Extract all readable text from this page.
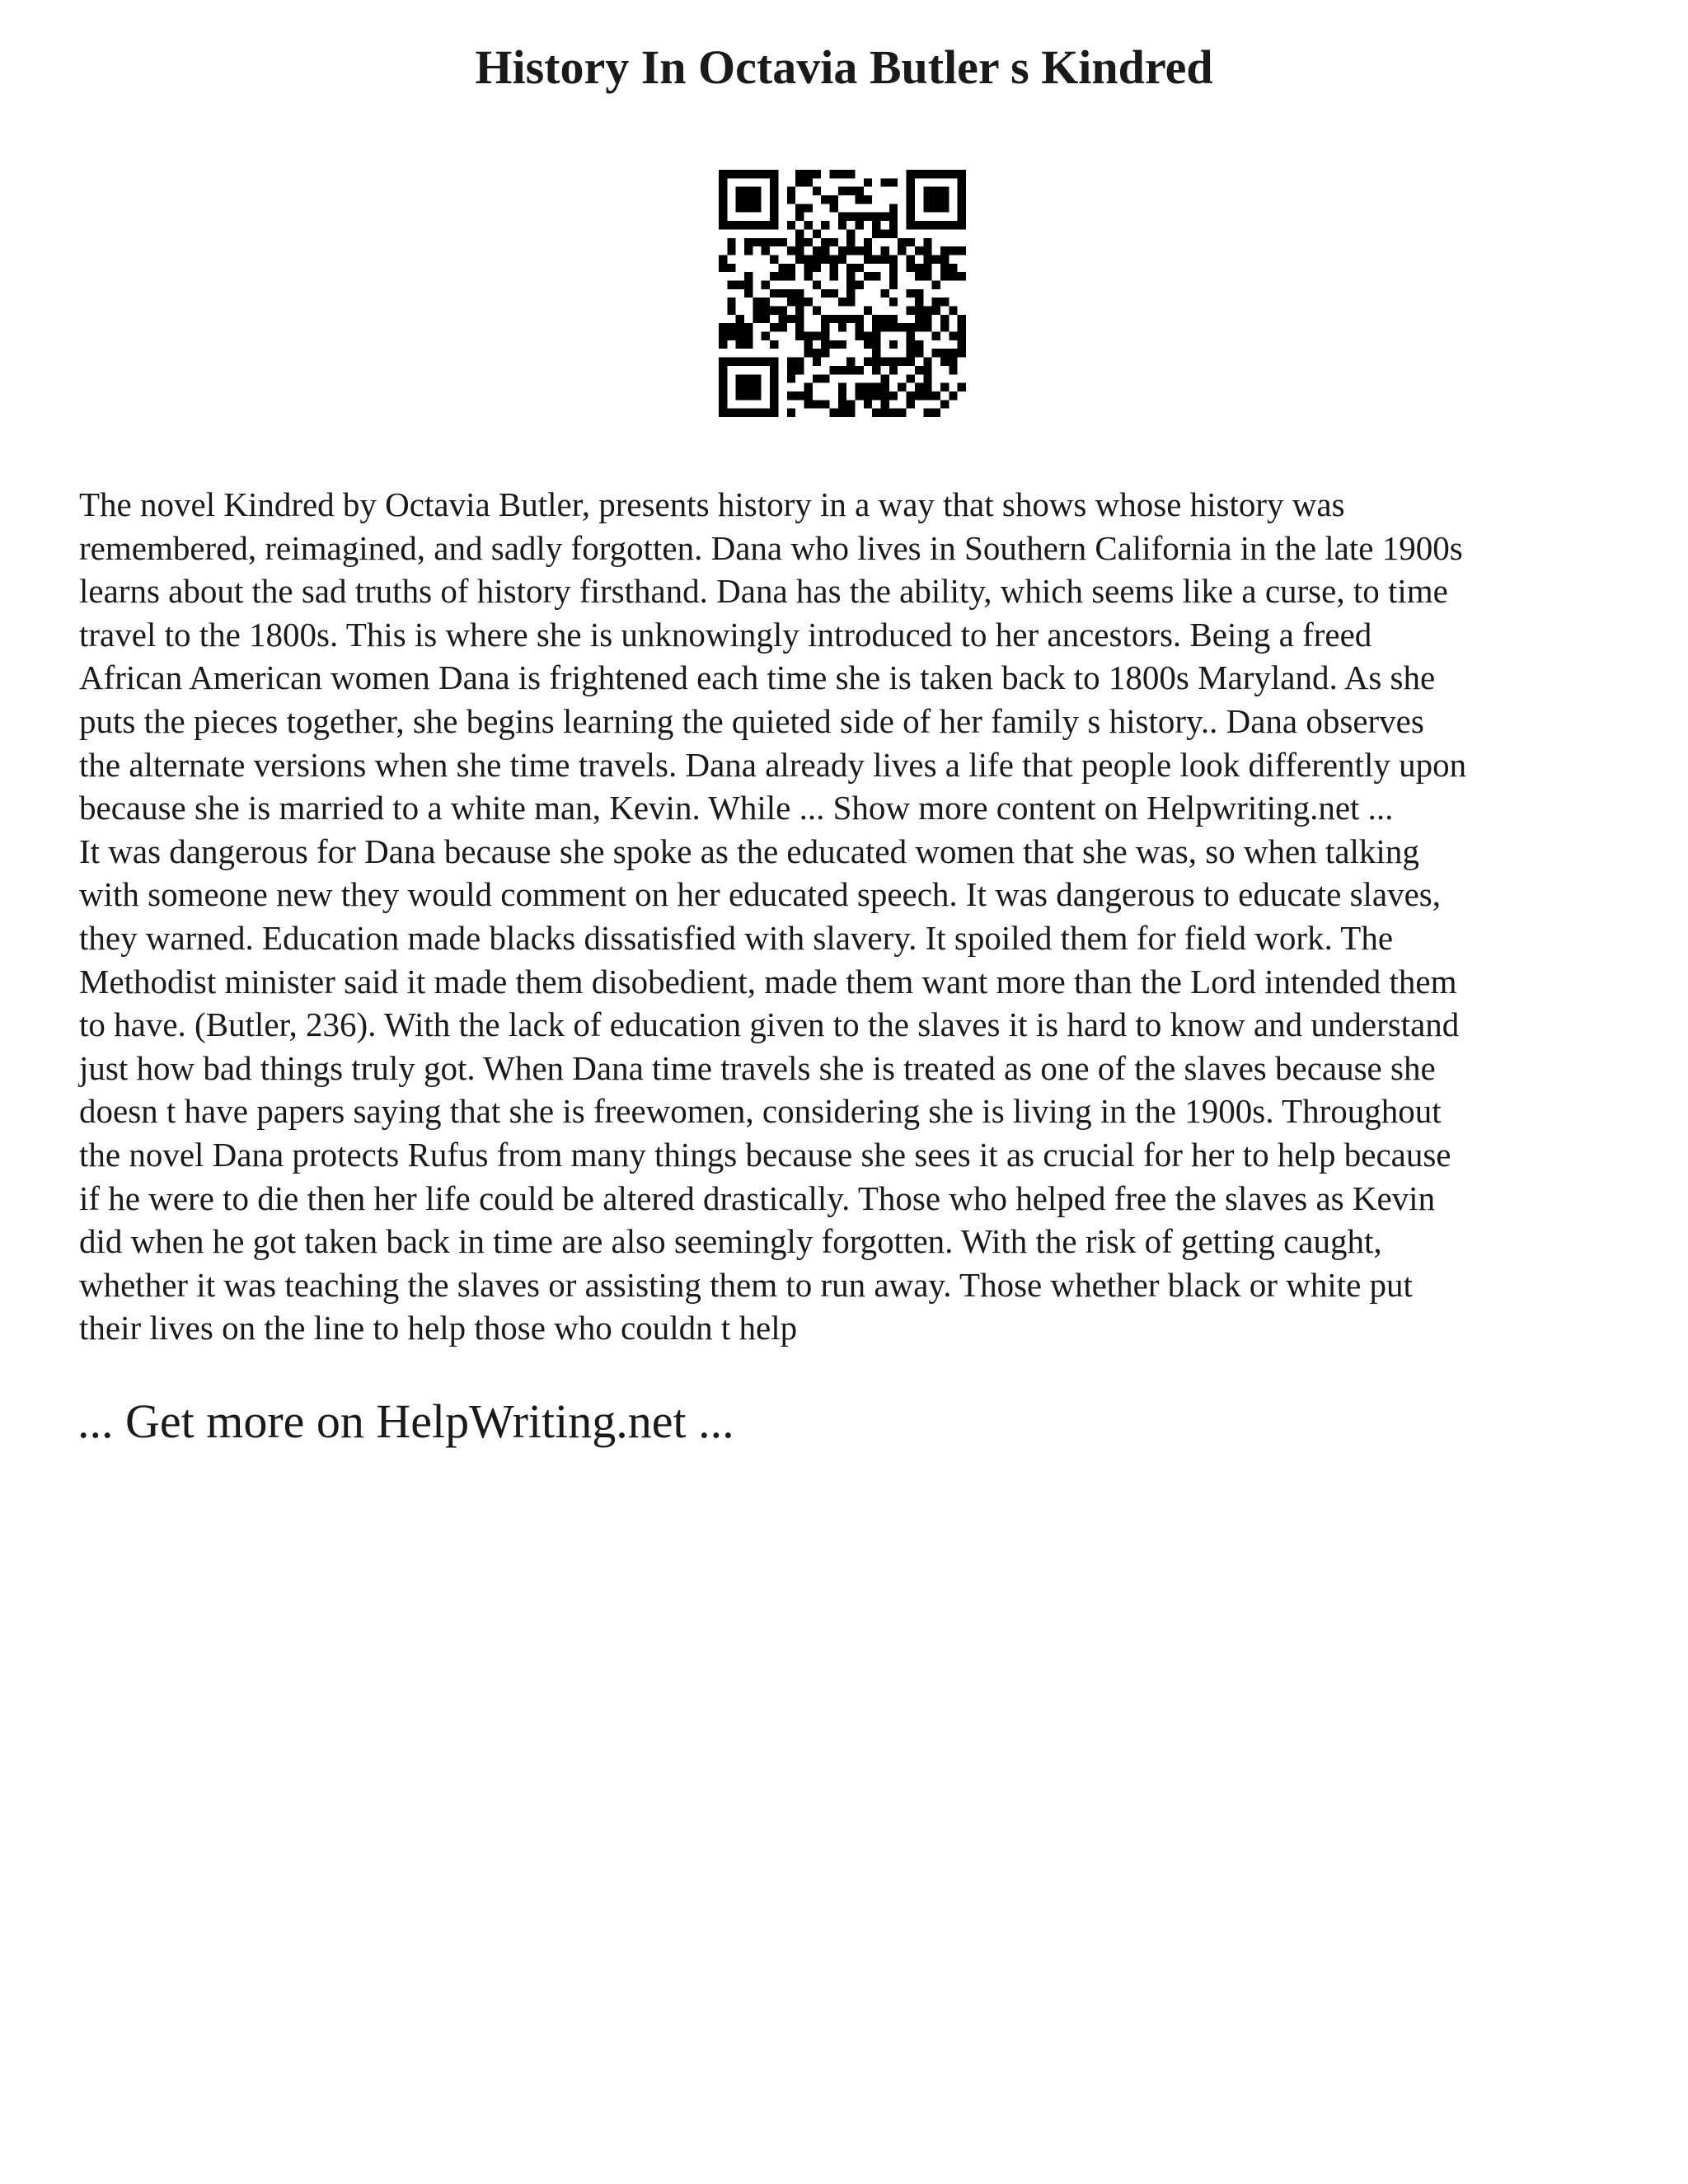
History In Octavia Butler s Kindred

The novel Kindred by Octavia Butler, presents history in a way that shows whose history was
remembered, reimagined, and sadly forgotten. Dana who lives in Southern California in the late 1900s
learns about the sad truths of history firsthand. Dana has the ability, which seems like a curse, to time
travel to the 1800s. This is where she is unknowingly introduced to her ancestors. Being a freed
African American women Dana is frightened each time she is taken back to 1800s Maryland. As she
puts the pieces together, she begins learning the quieted side of her family s history.. Dana observes
the alternate versions when she time travels. Dana already lives a life that people look differently upon
because she is married to a white man, Kevin. While ... Show more content on Helpwriting.net ...
It was dangerous for Dana because she spoke as the educated women that she was, so when talking
with someone new they would comment on her educated speech. It was dangerous to educate slaves,
they warned. Education made blacks dissatisfied with slavery. It spoiled them for field work. The
Methodist minister said it made them disobedient, made them want more than the Lord intended them
to have. (Butler, 236). With the lack of education given to the slaves it is hard to know and understand
just how bad things truly got. When Dana time travels she is treated as one of the slaves because she
doesn t have papers saying that she is freewomen, considering she is living in the 1900s. Throughout
the novel Dana protects Rufus from many things because she sees it as crucial for her to help because
if he were to die then her life could be altered drastically. Those who helped free the slaves as Kevin
did when he got taken back in time are also seemingly forgotten. With the risk of getting caught,
whether it was teaching the slaves or assisting them to run away. Those whether black or white put
their lives on the line to help those who couldn t help

... Get more on HelpWriting.net ...
